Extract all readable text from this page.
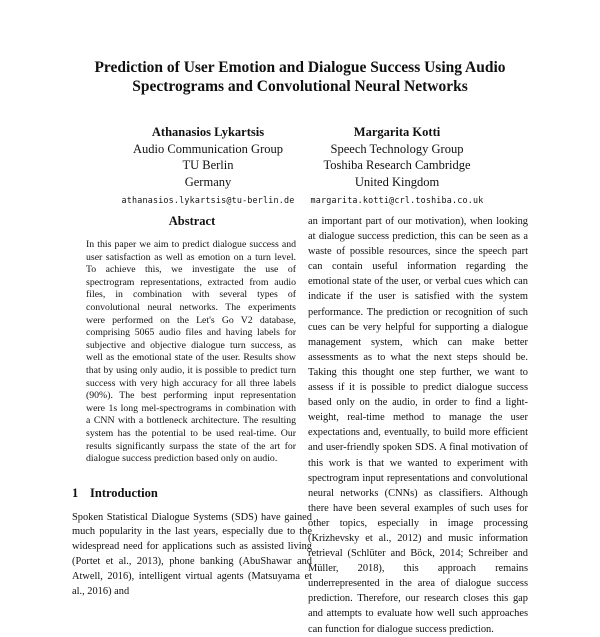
Prediction of User Emotion and Dialogue Success Using Audio Spectrograms and Convolutional Neural Networks
Athanasios Lykartsis
Audio Communication Group
TU Berlin
Germany
athanasios.lykartsis@tu-berlin.de
Margarita Kotti
Speech Technology Group
Toshiba Research Cambridge
United Kingdom
margarita.kotti@crl.toshiba.co.uk
Abstract

In this paper we aim to predict dialogue success and user satisfaction as well as emotion on a turn level. To achieve this, we investigate the use of spectrogram representations, extracted from audio files, in combination with several types of convolutional neural networks. The experiments were performed on the Let's Go V2 database, comprising 5065 audio files and having labels for subjective and objective dialogue turn success, as well as the emotional state of the user. Results show that by using only audio, it is possible to predict turn success with very high accuracy for all three labels (90%). The best performing input representation were 1s long mel-spectrograms in combination with a CNN with a bottleneck architecture. The resulting system has the potential to be used real-time. Our results significantly surpass the state of the art for dialogue success prediction based only on audio.

1 Introduction

Spoken Statistical Dialogue Systems (SDS) have gained much popularity in the last years, especially due to the widespread need for applications such as assisted living (Portet et al., 2013), phone banking (AbuShawar and Atwell, 2016), intelligent virtual agents (Matsuyama et al., 2016) and

an important part of our motivation), when looking at dialogue success prediction, this can be seen as a waste of possible resources, since the speech part can contain useful information regarding the emotional state of the user, or verbal cues which can indicate if the user is satisfied with the system performance. The prediction or recognition of such cues can be very helpful for supporting a dialogue management system, which can make better assessments as to what the next steps should be. Taking this thought one step further, we want to assess if it is possible to predict dialogue success based only on the audio, in order to find a light-weight, real-time method to manage the user expectations and, eventually, to build more efficient and user-friendly spoken SDS. A final motivation of this work is that we wanted to experiment with spectrogram input representations and convolutional neural networks (CNNs) as classifiers. Although there have been several examples of such uses for other topics, especially in image processing (Krizhevsky et al., 2012) and music information retrieval (Schlüter and Böck, 2014; Schreiber and Müller, 2018), this approach remains underrepresented in the area of dialogue success prediction. Therefore, our research closes this gap and attempts to evaluate how well such approaches can function for dialogue success prediction.
